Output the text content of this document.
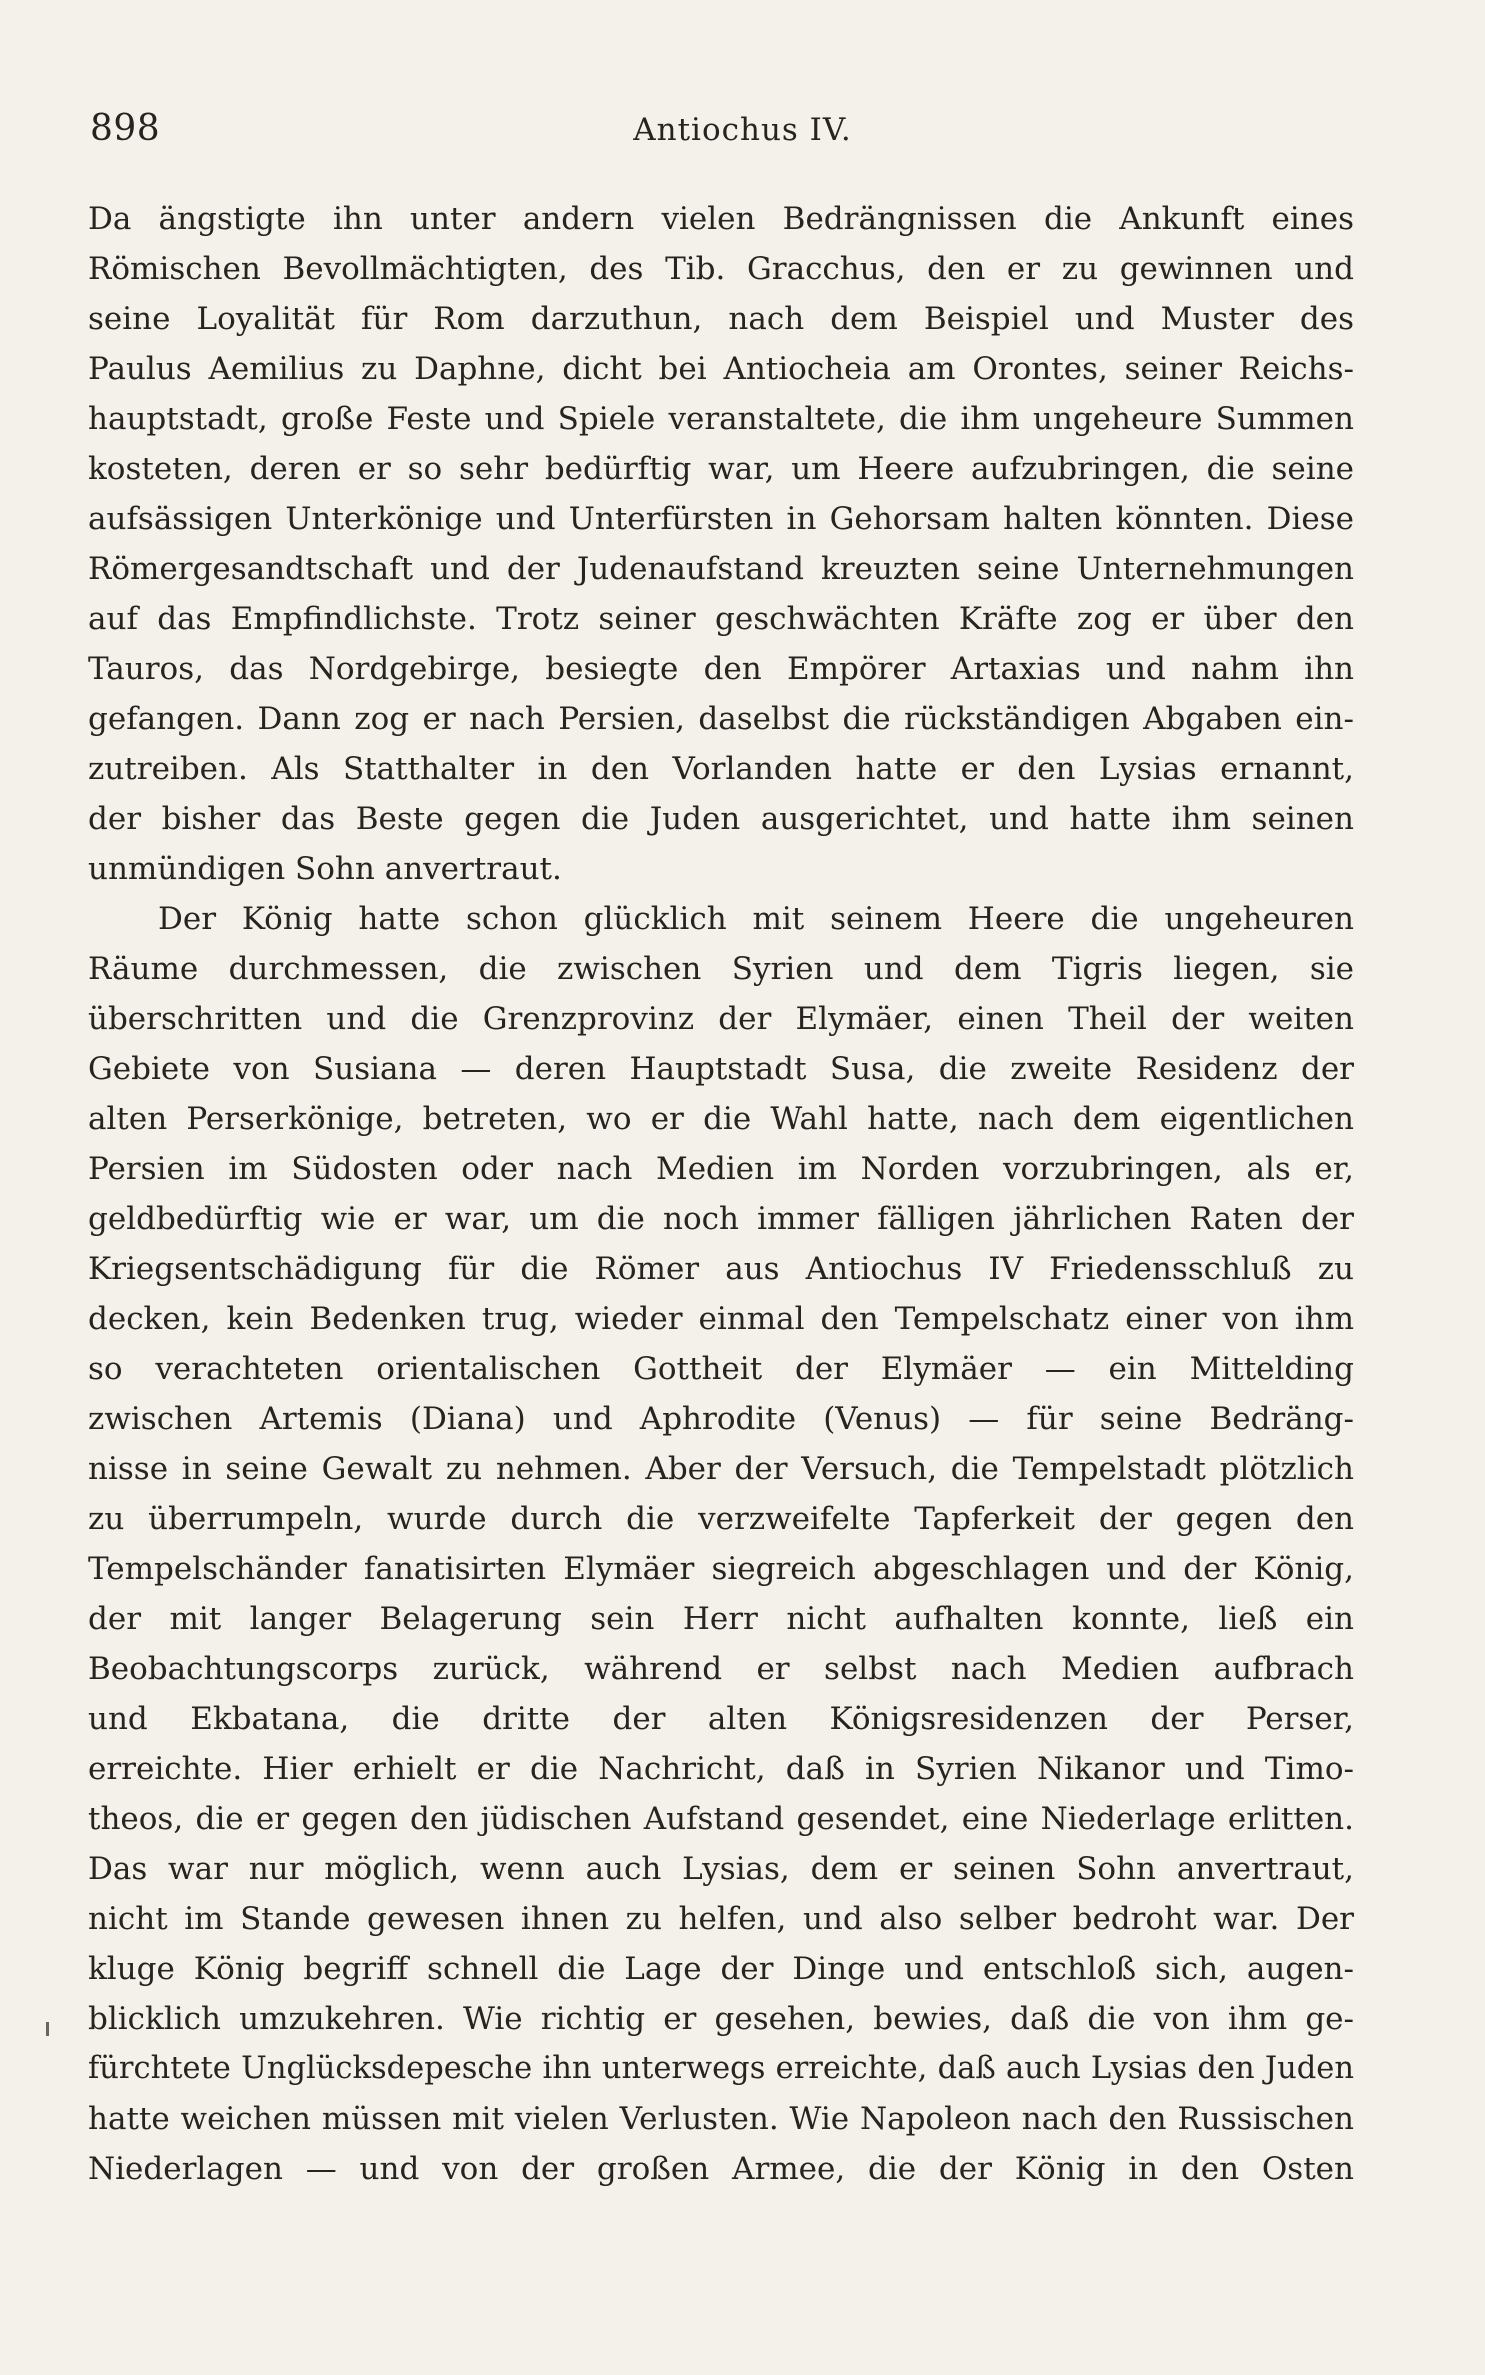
898	Antiochus IV.
Da ängstigte ihn unter andern vielen Bedrängnissen die Ankunft eines
Römischen Bevollmächtigten, des Tib. Gracchus, den er zu gewinnen und
seine Loyalität für Rom darzuthun, nach dem Beispiel und Muster des
Paulus Aemilius zu Daphne, dicht bei Antiocheia am Orontes, seiner Reichs-
hauptstadt, große Feste und Spiele veranstaltete, die ihm ungeheure Summen
kosteten, deren er so sehr bedürftig war, um Heere aufzubringen, die seine
aufsässigen Unterkönige und Unterfürsten in Gehorsam halten könnten. Diese
Römergesandtschaft und der Judenaufstand kreuzten seine Unternehmungen
auf das Empfindlichste. Trotz seiner geschwächten Kräfte zog er über den
Tauros, das Nordgebirge, besiegte den Empörer Artaxias und nahm ihn
gefangen. Dann zog er nach Persien, daselbst die rückständigen Abgaben ein-
zutreiben. Als Statthalter in den Vorlanden hatte er den Lysias ernannt,
der bisher das Beste gegen die Juden ausgerichtet, und hatte ihm seinen
unmündigen Sohn anvertraut.
Der König hatte schon glücklich mit seinem Heere die ungeheuren
Räume durchmessen, die zwischen Syrien und dem Tigris liegen, sie
überschritten und die Grenzprovinz der Elymäer, einen Theil der weiten
Gebiete von Susiana — deren Hauptstadt Susa, die zweite Residenz der
alten Perserkönige, betreten, wo er die Wahl hatte, nach dem eigentlichen
Persien im Südosten oder nach Medien im Norden vorzubringen, als er,
geldbedürftig wie er war, um die noch immer fälligen jährlichen Raten der
Kriegsentschädigung für die Römer aus Antiochus IV Friedensschluß zu
decken, kein Bedenken trug, wieder einmal den Tempelschatz einer von ihm
so verachteten orientalischen Gottheit der Elymäer — ein Mittelding
zwischen Artemis (Diana) und Aphrodite (Venus) — für seine Bedräng-
nisse in seine Gewalt zu nehmen. Aber der Versuch, die Tempelstadt plötzlich
zu überrumpeln, wurde durch die verzweifelte Tapferkeit der gegen den
Tempelschänder fanatisirten Elymäer siegreich abgeschlagen und der König,
der mit langer Belagerung sein Herr nicht aufhalten konnte, ließ ein
Beobachtungscorps zurück, während er selbst nach Medien aufbrach
und Ekbatana, die dritte der alten Königsresidenzen der Perser,
erreichte. Hier erhielt er die Nachricht, daß in Syrien Nikanor und Timo-
theos, die er gegen den jüdischen Aufstand gesendet, eine Niederlage erlitten.
Das war nur möglich, wenn auch Lysias, dem er seinen Sohn anvertraut,
nicht im Stande gewesen ihnen zu helfen, und also selber bedroht war. Der
kluge König begriff schnell die Lage der Dinge und entschloß sich, augen-
blicklich umzukehren. Wie richtig er gesehen, bewies, daß die von ihm ge-
fürchtete Unglücksdepesche ihn unterwegs erreichte, daß auch Lysias den Juden
hatte weichen müssen mit vielen Verlusten. Wie Napoleon nach den Russischen
Niederlagen — und von der großen Armee, die der König in den Osten
